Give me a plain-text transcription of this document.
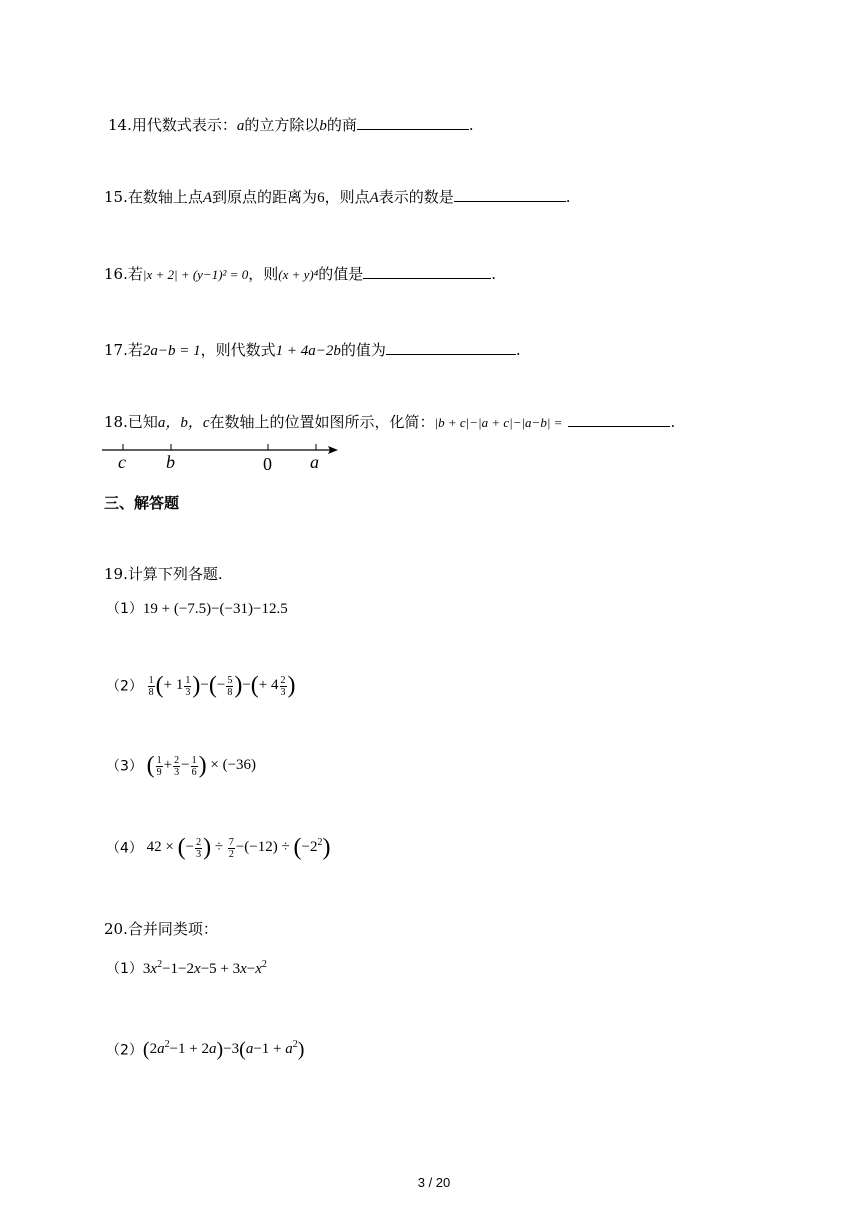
14.用代数式表示：a的立方除以b的商	.
15.在数轴上点A到原点的距离为6，则点A表示的数是	.
16.若|x + 2| + (y−1)² = 0，则(x + y)⁴的值是	.
17.若2a−b = 1，则代数式1 + 4a−2b的值为	.
18.已知a，b，c在数轴上的位置如图所示，化简：|b + c|−|a + c|−|a−b| =	.
c b	0 a
三、解答题
19.计算下列各题.
（1）19 + (−7.5)−(−31)−12.5
$(2) \frac{1}{8}$ (+ $1 \frac{1}{3}$ )−(− $\frac{5}{8}$ )−(+ $4 \frac{2}{3}$ )
（3） ( $\frac{1}{9} + \frac{2}{3} - \frac{1}{6}$ ) × (−36)
（4） 42 × (− $\frac{2}{3}$ ) ÷ $\frac{7}{2} -(-12) \div (-2^2)$
20.合并同类项：
$(1)3x^2-1-2x-5 + 3x-x^2$
$(2)(2a^2-1 + 2a)-3(a-1 + a^2)$
3 / 20
